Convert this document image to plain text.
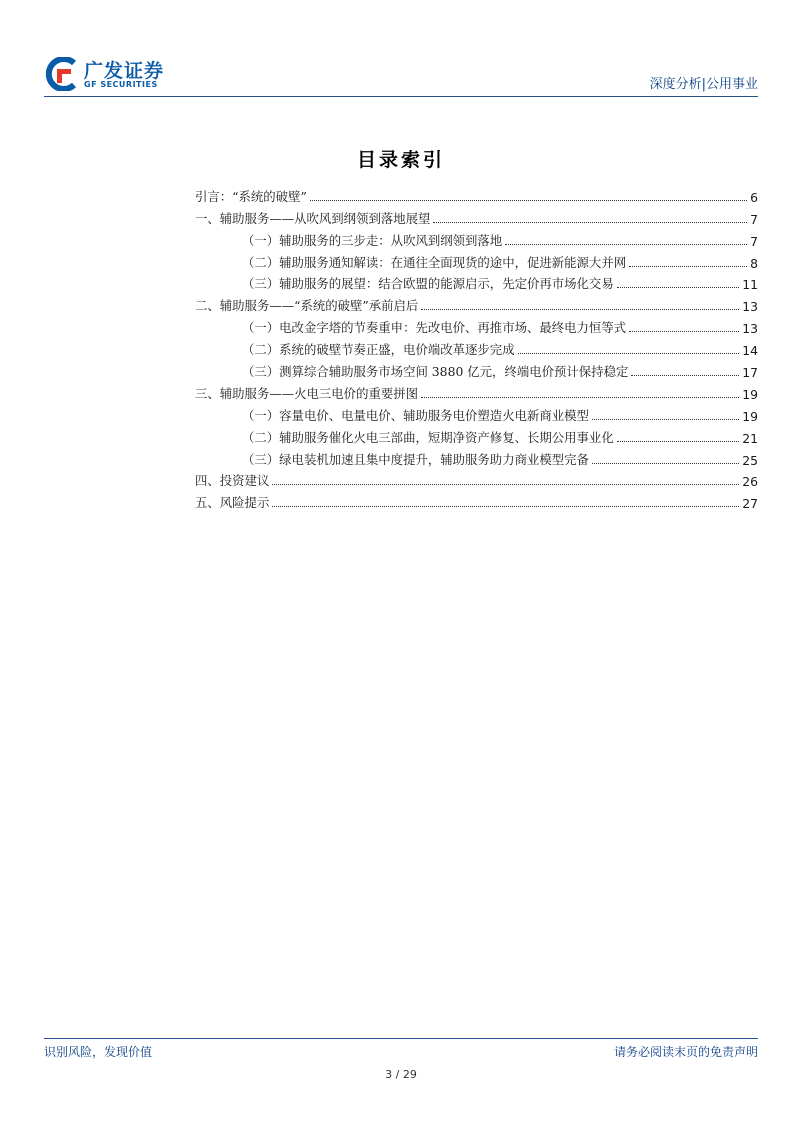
广发证券
GF SECURITIES	深度分析|公用事业
目录索引
引言：“系统的破壁”	6
一、辅助服务——从吹风到纲领到落地展望	7
（一）辅助服务的三步走：从吹风到纲领到落地	7
（二）辅助服务通知解读：在通往全面现货的途中，促进新能源大并网	8
（三）辅助服务的展望：结合欧盟的能源启示，先定价再市场化交易	11
二、辅助服务——“系统的破壁”承前启后	13
（一）电改金字塔的节奏重申：先改电价、再推市场、最终电力恒等式	13
（二）系统的破壁节奏正盛，电价端改革逐步完成	14
（三）测算综合辅助服务市场空间 3880 亿元，终端电价预计保持稳定	17
三、辅助服务——火电三电价的重要拼图	19
（一）容量电价、电量电价、辅助服务电价塑造火电新商业模型	19
（二）辅助服务催化火电三部曲，短期净资产修复、长期公用事业化	21
（三）绿电装机加速且集中度提升，辅助服务助力商业模型完备	25
四、投资建议	26
五、风险提示	27
识别风险，发现价值	请务必阅读末页的免责声明
3 / 29
